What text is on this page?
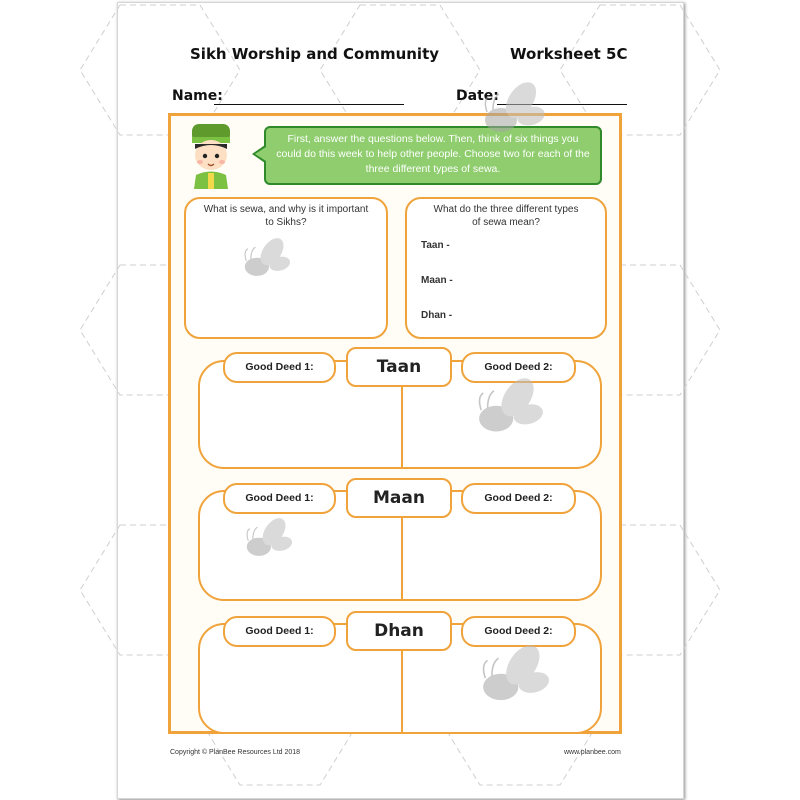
Sikh Worship and Community	Worksheet 5C
Name:	Date:
First, answer the questions below. Then, think of six things you could do this week to help other people. Choose two for each of the three different types of sewa.
What is sewa, and why is it important to Sikhs?
What do the three different types of sewa mean?
Taan -
Maan -
Dhan -
Good Deed 1:	Good Deed 2:
Taan
Good Deed 1:	Good Deed 2:
Maan
Good Deed 1:	Good Deed 2:
Dhan
Copyright © PlanBee Resources Ltd 2018	www.planbee.com
